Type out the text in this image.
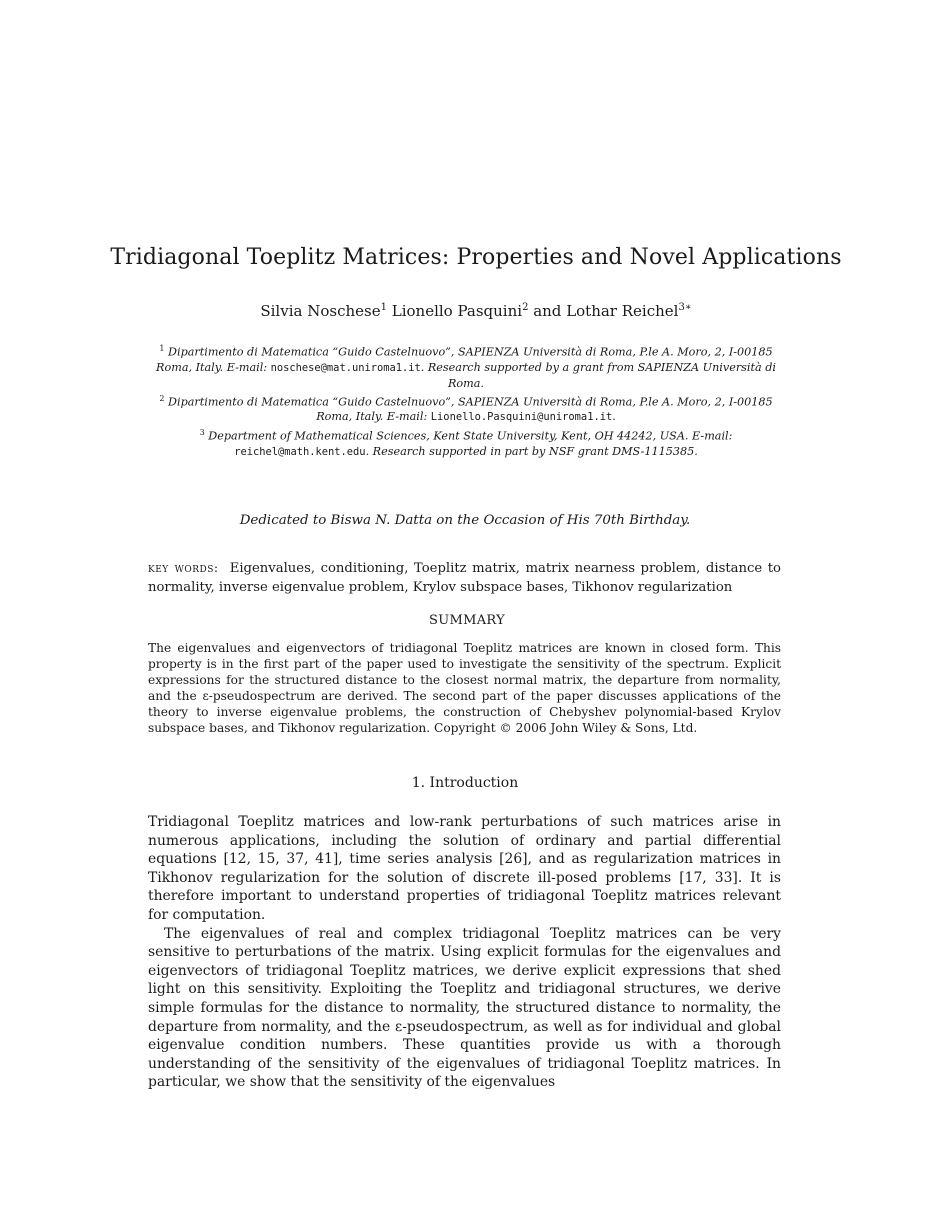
Tridiagonal Toeplitz Matrices: Properties and Novel Applications
Silvia Noschese$^1$ Lionello Pasquini$^2$ and Lothar Reichel$^{3∗}$
$^1$ Dipartimento di Matematica “Guido Castelnuovo”, SAPIENZA Università di Roma, P.le A. Moro, 2, I-00185 Roma, Italy. E-mail: noschese@mat.uniroma1.it. Research supported by a grant from SAPIENZA Università di Roma.
$^2$ Dipartimento di Matematica “Guido Castelnuovo”, SAPIENZA Università di Roma, P.le A. Moro, 2, I-00185 Roma, Italy. E-mail: Lionello.Pasquini@uniroma1.it.
$^3$ Department of Mathematical Sciences, Kent State University, Kent, OH 44242, USA. E-mail: reichel@math.kent.edu. Research supported in part by NSF grant DMS-1115385.
Dedicated to Biswa N. Datta on the Occasion of His 70th Birthday.
key words: Eigenvalues, conditioning, Toeplitz matrix, matrix nearness problem, distance to normality, inverse eigenvalue problem, Krylov subspace bases, Tikhonov regularization
SUMMARY
The eigenvalues and eigenvectors of tridiagonal Toeplitz matrices are known in closed form. This property is in the first part of the paper used to investigate the sensitivity of the spectrum. Explicit expressions for the structured distance to the closest normal matrix, the departure from normality, and the ε-pseudospectrum are derived. The second part of the paper discusses applications of the theory to inverse eigenvalue problems, the construction of Chebyshev polynomial-based Krylov subspace bases, and Tikhonov regularization. Copyright © 2006 John Wiley & Sons, Ltd.
1. Introduction

Tridiagonal Toeplitz matrices and low-rank perturbations of such matrices arise in numerous applications, including the solution of ordinary and partial differential equations [12, 15, 37, 41], time series analysis [26], and as regularization matrices in Tikhonov regularization for the solution of discrete ill-posed problems [17, 33]. It is therefore important to understand properties of tridiagonal Toeplitz matrices relevant for computation.

The eigenvalues of real and complex tridiagonal Toeplitz matrices can be very sensitive to perturbations of the matrix. Using explicit formulas for the eigenvalues and eigenvectors of tridiagonal Toeplitz matrices, we derive explicit expressions that shed light on this sensitivity. Exploiting the Toeplitz and tridiagonal structures, we derive simple formulas for the distance to normality, the structured distance to normality, the departure from normality, and the ε-pseudospectrum, as well as for individual and global eigenvalue condition numbers. These quantities provide us with a thorough understanding of the sensitivity of the eigenvalues of tridiagonal Toeplitz matrices. In particular, we show that the sensitivity of the eigenvalues
